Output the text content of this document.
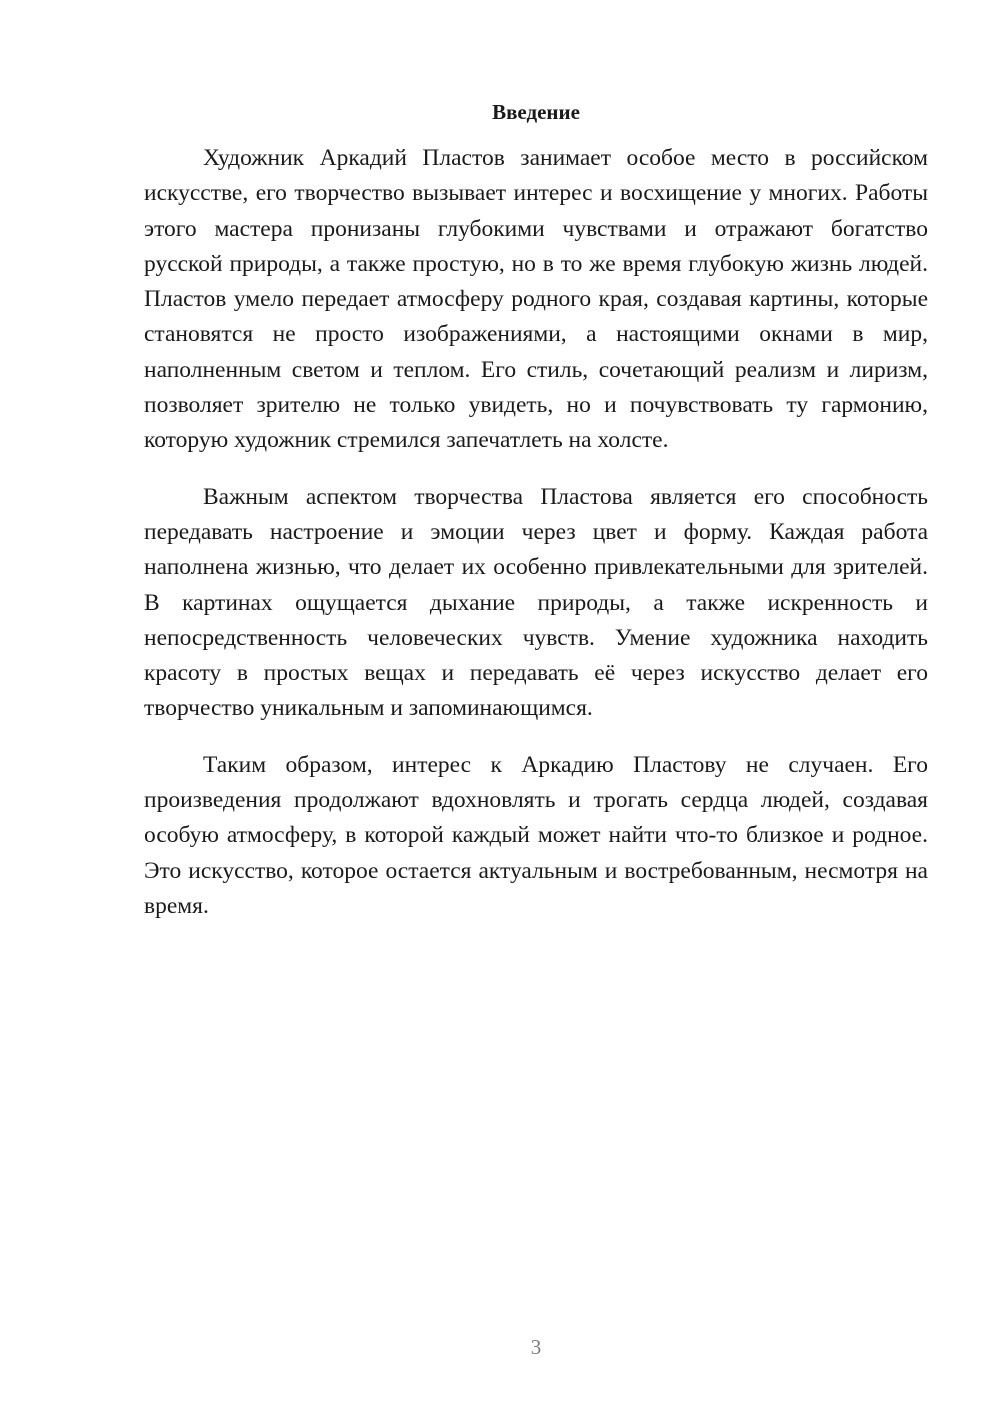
Введение

Художник Аркадий Пластов занимает особое место в российском искусстве, его творчество вызывает интерес и восхищение у многих. Работы этого мастера пронизаны глубокими чувствами и отражают богатство русской природы, а также простую, но в то же время глубокую жизнь людей. Пластов умело передает атмосферу родного края, создавая картины, которые становятся не просто изображениями, а настоящими окнами в мир, наполненным светом и теплом. Его стиль, сочетающий реализм и лиризм, позволяет зрителю не только увидеть, но и почувствовать ту гармонию, которую художник стремился запечатлеть на холсте.

Важным аспектом творчества Пластова является его способность передавать настроение и эмоции через цвет и форму. Каждая работа наполнена жизнью, что делает их особенно привлекательными для зрителей. В картинах ощущается дыхание природы, а также искренность и непосредственность человеческих чувств. Умение художника находить красоту в простых вещах и передавать её через искусство делает его творчество уникальным и запоминающимся.

Таким образом, интерес к Аркадию Пластову не случаен. Его произведения продолжают вдохновлять и трогать сердца людей, создавая особую атмосферу, в которой каждый может найти что-то близкое и родное. Это искусство, которое остается актуальным и востребованным, несмотря на время.

3
